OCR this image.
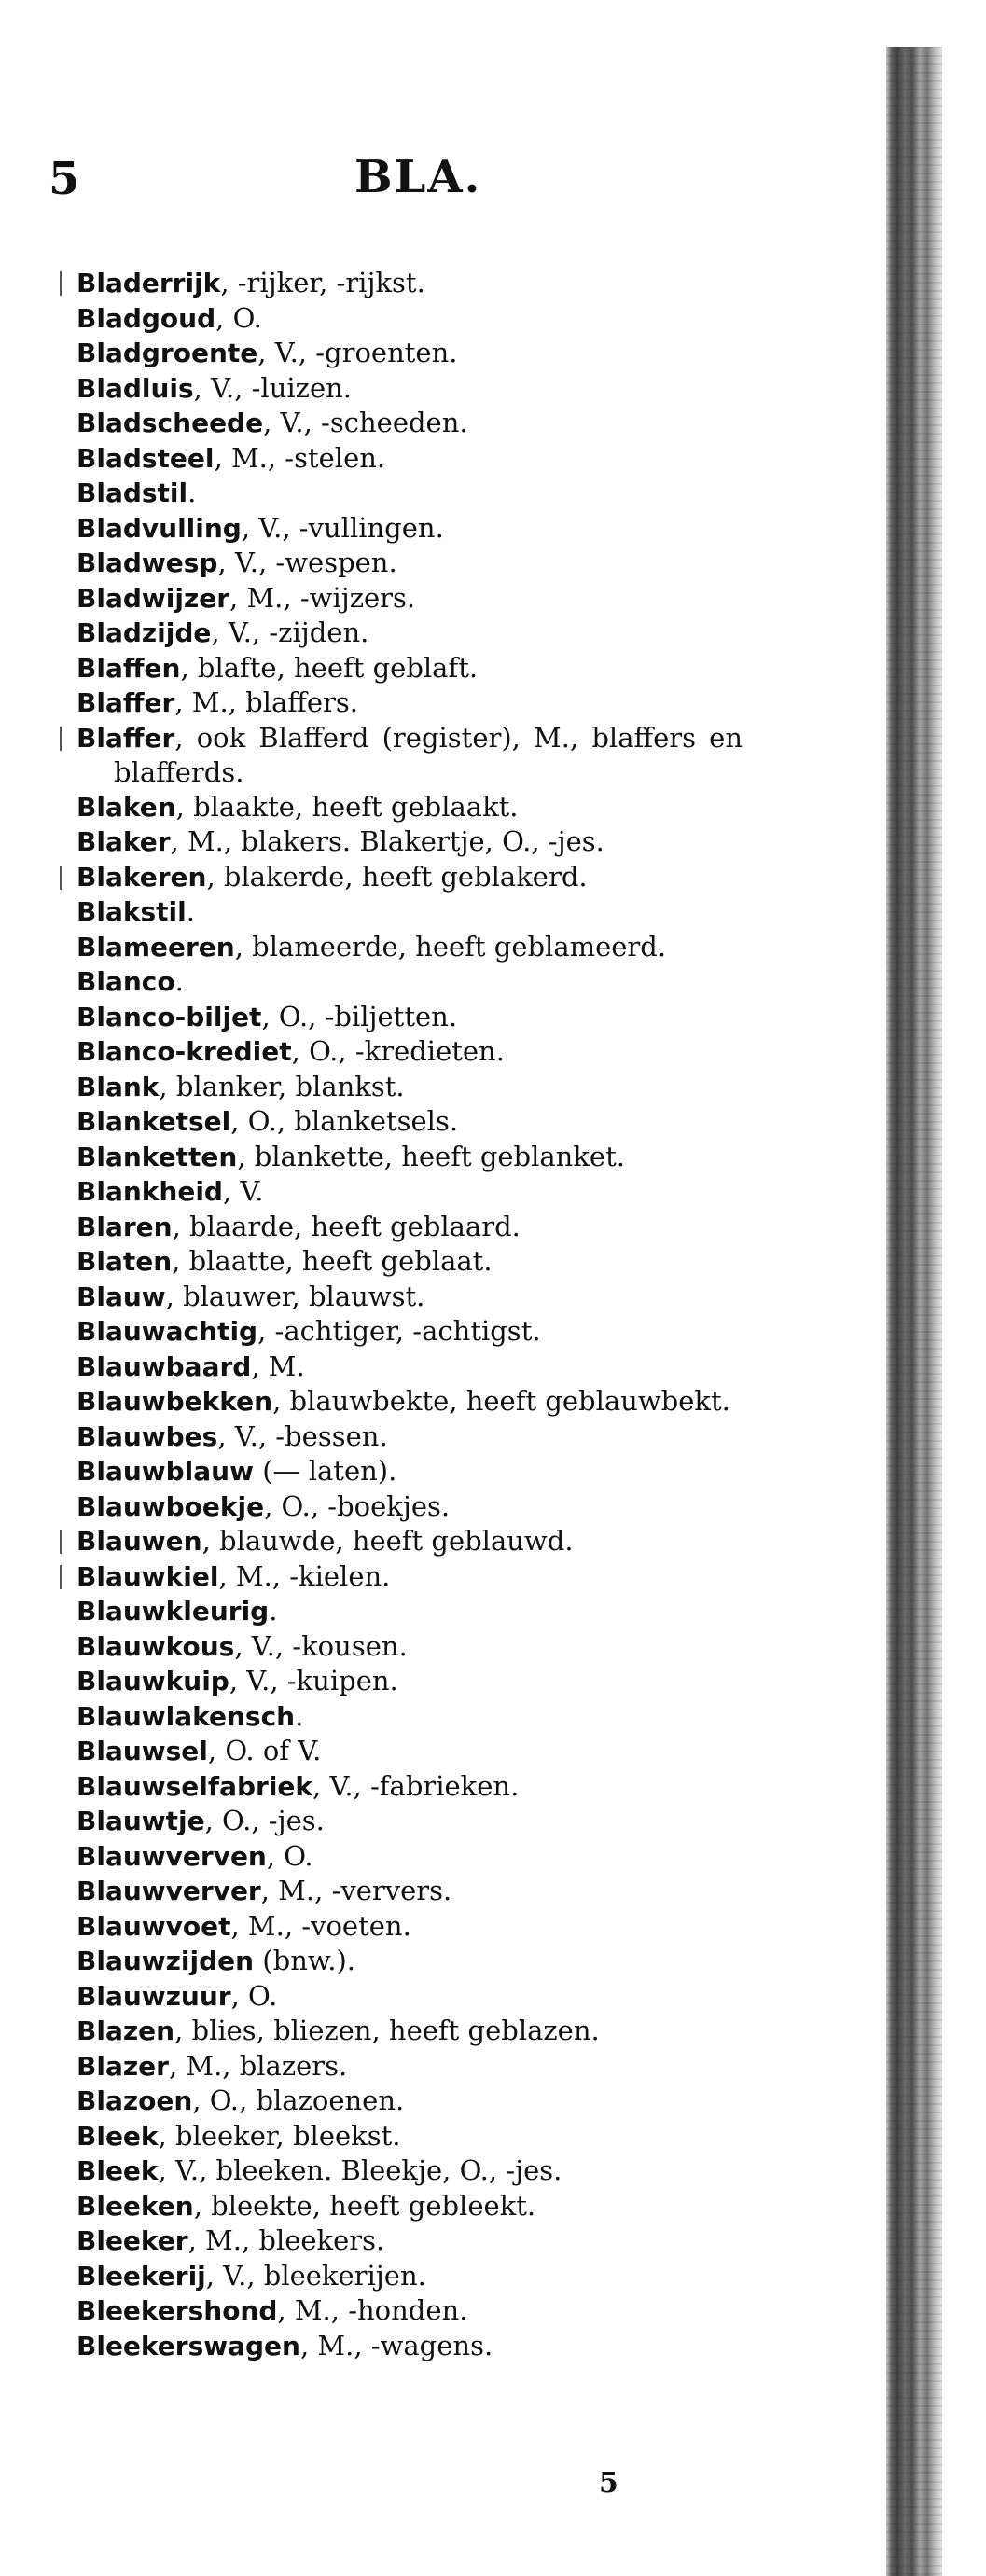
5	BLA.
Bladerrijk, -rijker, -rijkst.
Bladgoud, O.
Bladgroente, V., -groenten.
Bladluis, V., -luizen.
Bladscheede, V., -scheeden.
Bladsteel, M., -stelen.
Bladstil.
Bladvulling, V., -vullingen.
Bladwesp, V., -wespen.
Bladwijzer, M., -wijzers.
Bladzijde, V., -zijden.
Blaffen, blafte, heeft geblaft.
Blaffer, M., blaffers.
Blaffer, ook Blafferd (register), M., blaffers en blafferds.
Blaken, blaakte, heeft geblaakt.
Blaker, M., blakers. Blakertje, O., -jes.
Blakeren, blakerde, heeft geblakerd.
Blakstil.
Blameeren, blameerde, heeft geblameerd.
Blanco.
Blanco-biljet, O., -biljetten.
Blanco-krediet, O., -kredieten.
Blank, blanker, blankst.
Blanketsel, O., blanketsels.
Blanketten, blankette, heeft geblanket.
Blankheid, V.
Blaren, blaarde, heeft geblaard.
Blaten, blaatte, heeft geblaat.
Blauw, blauwer, blauwst.
Blauwachtig, -achtiger, -achtigst.
Blauwbaard, M.
Blauwbekken, blauwbekte, heeft geblauwbekt.
Blauwbes, V., -bessen.
Blauwblauw (— laten).
Blauwboekje, O., -boekjes.
Blauwen, blauwde, heeft geblauwd.
Blauwkiel, M., -kielen.
Blauwkleurig.
Blauwkous, V., -kousen.
Blauwkuip, V., -kuipen.
Blauwlakensch.
Blauwsel, O. of V.
Blauwselfabriek, V., -fabrieken.
Blauwtje, O., -jes.
Blauwverven, O.
Blauwverver, M., -ververs.
Blauwvoet, M., -voeten.
Blauwzijden (bnw.).
Blauwzuur, O.
Blazen, blies, bliezen, heeft geblazen.
Blazer, M., blazers.
Blazoen, O., blazoenen.
Bleek, bleeker, bleekst.
Bleek, V., bleeken. Bleekje, O., -jes.
Bleeken, bleekte, heeft gebleekt.
Bleeker, M., bleekers.
Bleekerij, V., bleekerijen.
Bleekershond, M., -honden.
Bleekerswagen, M., -wagens.
5
